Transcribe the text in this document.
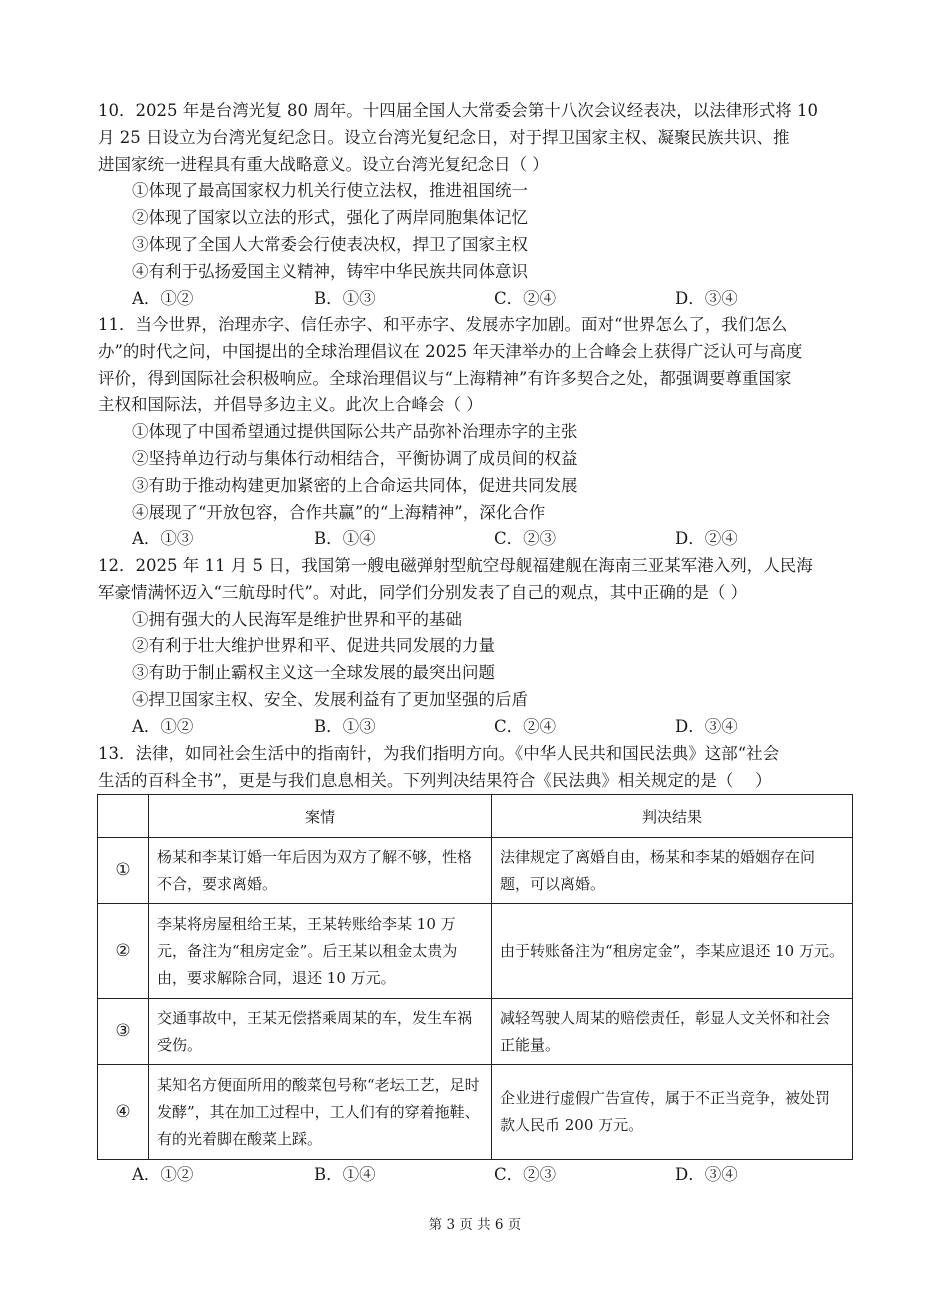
10．2025 年是台湾光复 80 周年。十四届全国人大常委会第十八次会议经表决，以法律形式将 10
月 25 日设立为台湾光复纪念日。设立台湾光复纪念日，对于捍卫国家主权、凝聚民族共识、推
进国家统一进程具有重大战略意义。设立台湾光复纪念日（ ）
①体现了最高国家权力机关行使立法权，推进祖国统一
②体现了国家以立法的形式，强化了两岸同胞集体记忆
③体现了全国人大常委会行使表决权，捍卫了国家主权
④有利于弘扬爱国主义精神，铸牢中华民族共同体意识
A．①②	B．①③	C．②④	D．③④
11．当今世界，治理赤字、信任赤字、和平赤字、发展赤字加剧。面对“世界怎么了，我们怎么
办”的时代之问，中国提出的全球治理倡议在 2025 年天津举办的上合峰会上获得广泛认可与高度
评价，得到国际社会积极响应。全球治理倡议与“上海精神”有许多契合之处，都强调要尊重国家
主权和国际法，并倡导多边主义。此次上合峰会（ ）
①体现了中国希望通过提供国际公共产品弥补治理赤字的主张
②坚持单边行动与集体行动相结合，平衡协调了成员间的权益
③有助于推动构建更加紧密的上合命运共同体，促进共同发展
④展现了“开放包容，合作共赢”的“上海精神”，深化合作
A．①③	B．①④	C．②③	D．②④
12．2025 年 11 月 5 日，我国第一艘电磁弹射型航空母舰福建舰在海南三亚某军港入列，人民海
军豪情满怀迈入“三航母时代”。对此，同学们分别发表了自己的观点，其中正确的是（ ）
①拥有强大的人民海军是维护世界和平的基础
②有利于壮大维护世界和平、促进共同发展的力量
③有助于制止霸权主义这一全球发展的最突出问题
④捍卫国家主权、安全、发展利益有了更加坚强的后盾
A．①②	B．①③	C．②④	D．③④
13．法律，如同社会生活中的指南针，为我们指明方向。《中华人民共和国民法典》这部“社会
生活的百科全书”，更是与我们息息相关。下列判决结果符合《民法典》相关规定的是（　 ）
	案情	判决结果
①	杨某和李某订婚一年后因为双方了解不够，性格不合，要求离婚。	法律规定了离婚自由，杨某和李某的婚姻存在问题，可以离婚。
②	李某将房屋租给王某，王某转账给李某 10 万元，备注为“租房定金”。后王某以租金太贵为由，要求解除合同，退还 10 万元。	由于转账备注为“租房定金”，李某应退还 10 万元。
③	交通事故中，王某无偿搭乘周某的车，发生车祸受伤。	减轻驾驶人周某的赔偿责任，彰显人文关怀和社会正能量。
④	某知名方便面所用的酸菜包号称“老坛工艺，足时发酵”，其在加工过程中，工人们有的穿着拖鞋、有的光着脚在酸菜上踩。	企业进行虚假广告宣传，属于不正当竞争，被处罚款人民币 200 万元。
A．①②	B．①④	C．②③	D．③④
第 3 页 共 6 页
